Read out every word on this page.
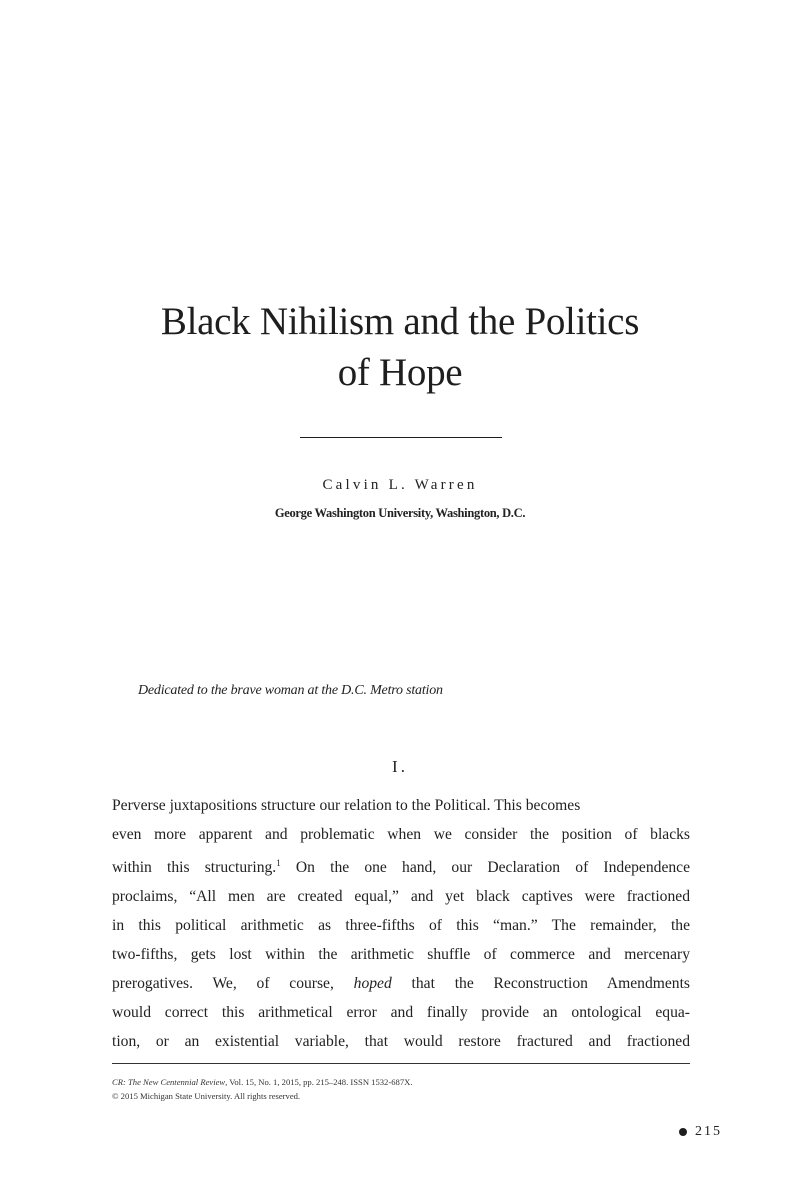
Black Nihilism and the Politics
of Hope
Calvin L. Warren
George Washington University, Washington, D.C.
Dedicated to the brave woman at the D.C. Metro station
I.
Perverse juxtapositions structure our relation to the Political. This becomes
even more apparent and problematic when we consider the position of blacks
within this structuring.$^1$ On the one hand, our Declaration of Independence
proclaims, “All men are created equal,” and yet black captives were fractioned
in this political arithmetic as three-fifths of this “man.” The remainder, the
two-fifths, gets lost within the arithmetic shuffle of commerce and mercenary
prerogatives. We, of course, hoped that the Reconstruction Amendments
would correct this arithmetical error and finally provide an ontological equa-
tion, or an existential variable, that would restore fractured and fractioned
CR: The New Centennial Review, Vol. 15, No. 1, 2015, pp. 215–248. ISSN 1532-687X.
© 2015 Michigan State University. All rights reserved.
215
